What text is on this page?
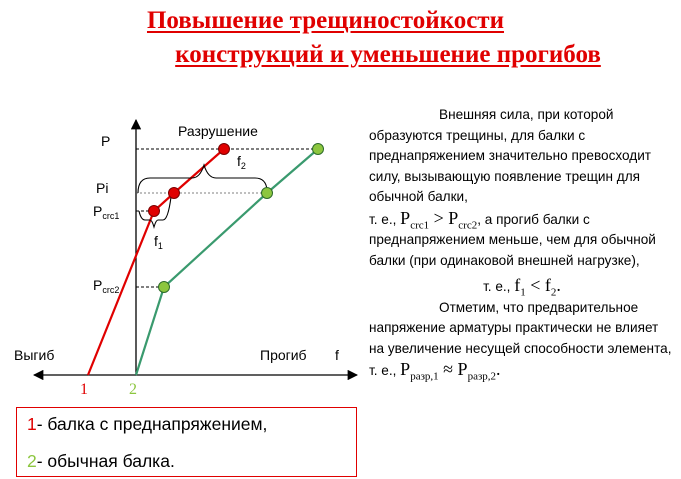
Повышение трещиностойкости
конструкций и уменьшение прогибов
P
Разрушение
Pi
$P_{crc1}$
$P_{crc2}$
$f_1$
$f_2$
Выгиб	Прогиб f
1	2

Внешняя сила, при которой образуются трещины, для балки с преднапряжением значительно превосходит силу, вызывающую появление трещин для обычной балки,

т. е., $P_{crc1} > P_{crc2}$, а прогиб балки с преднапряжением меньше, чем для обычной балки (при одинаковой внешней нагрузке),

т. е., $f_1 < f_2$.

Отметим, что предварительное напряжение арматуры практически не влияет на увеличение несущей способности элемента, т. е., $P_{разр,1} \approx P_{разр,2}$.

1- балка с преднапряжением,
2- обычная балка.
